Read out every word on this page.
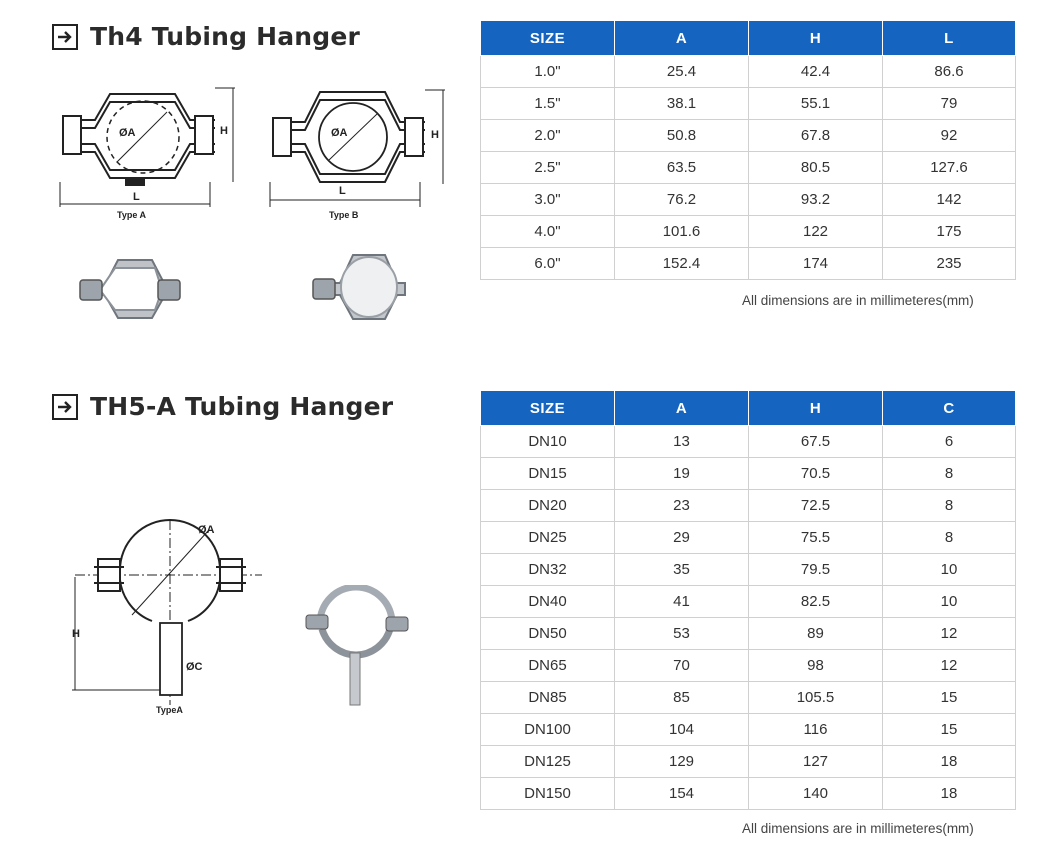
Th4 Tubing Hanger
ØA	H
L
Type A
ØA	H
L
Type B
SIZE	A	H	L
1.0"	25.4	42.4	86.6
1.5"	38.1	55.1	79
2.0"	50.8	67.8	92
2.5"	63.5	80.5	127.6
3.0"	76.2	93.2	142
4.0"	101.6	122	175
6.0"	152.4	174	235
All dimensions are in millimeteres(mm)
TH5-A Tubing Hanger
ØA
H
ØC
TypeA
SIZE	A	H	C
DN10	13	67.5	6
DN15	19	70.5	8
DN20	23	72.5	8
DN25	29	75.5	8
DN32	35	79.5	10
DN40	41	82.5	10
DN50	53	89	12
DN65	70	98	12
DN85	85	105.5	15
DN100	104	116	15
DN125	129	127	18
DN150	154	140	18
All dimensions are in millimeteres(mm)
